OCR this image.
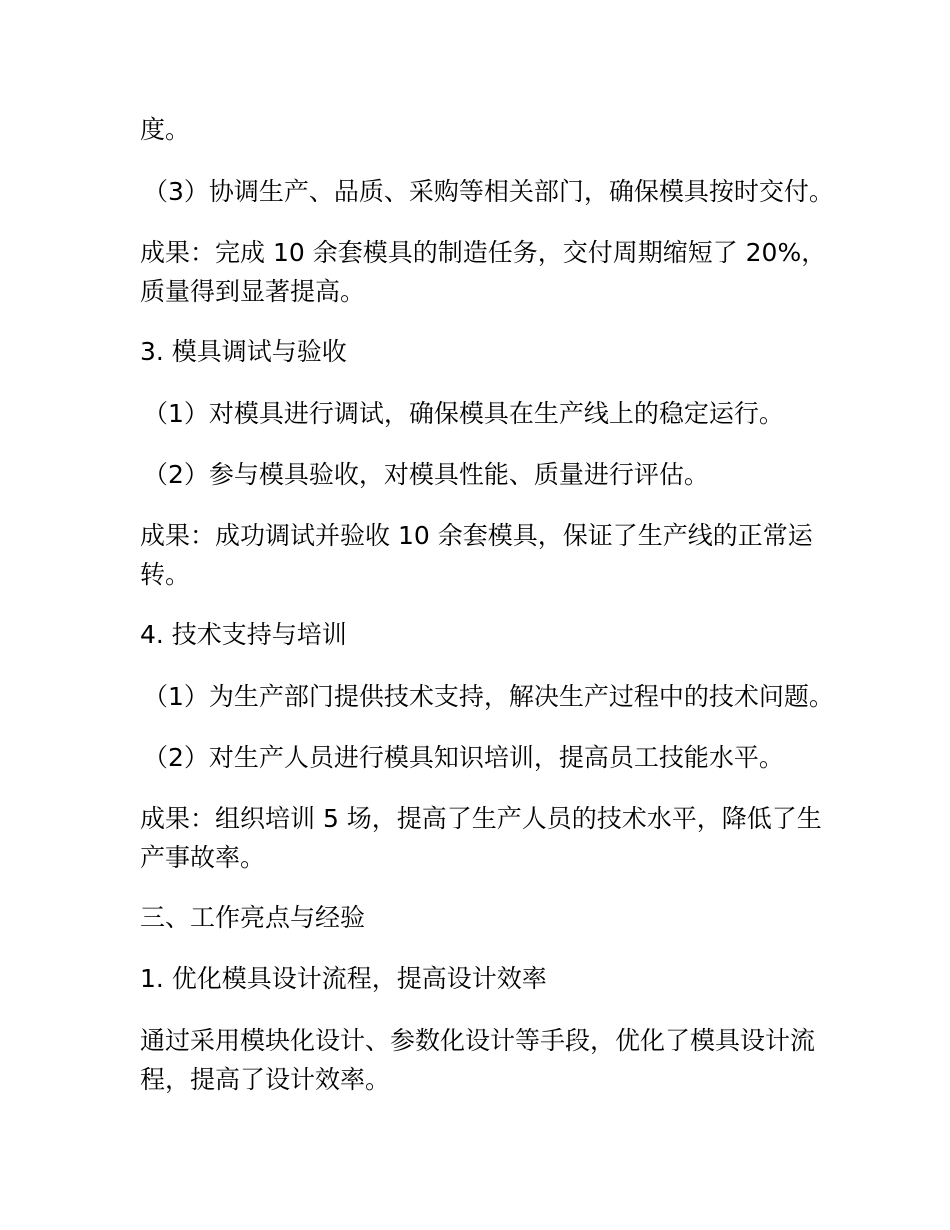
度。
（3）协调生产、品质、采购等相关部门，确保模具按时交付。
成果：完成 10 余套模具的制造任务，交付周期缩短了 20%，
质量得到显著提高。
3. 模具调试与验收
（1）对模具进行调试，确保模具在生产线上的稳定运行。
（2）参与模具验收，对模具性能、质量进行评估。
成果：成功调试并验收 10 余套模具，保证了生产线的正常运
转。
4. 技术支持与培训
（1）为生产部门提供技术支持，解决生产过程中的技术问题。
（2）对生产人员进行模具知识培训，提高员工技能水平。
成果：组织培训 5 场，提高了生产人员的技术水平，降低了生
产事故率。
三、工作亮点与经验
1. 优化模具设计流程，提高设计效率
通过采用模块化设计、参数化设计等手段，优化了模具设计流
程，提高了设计效率。
